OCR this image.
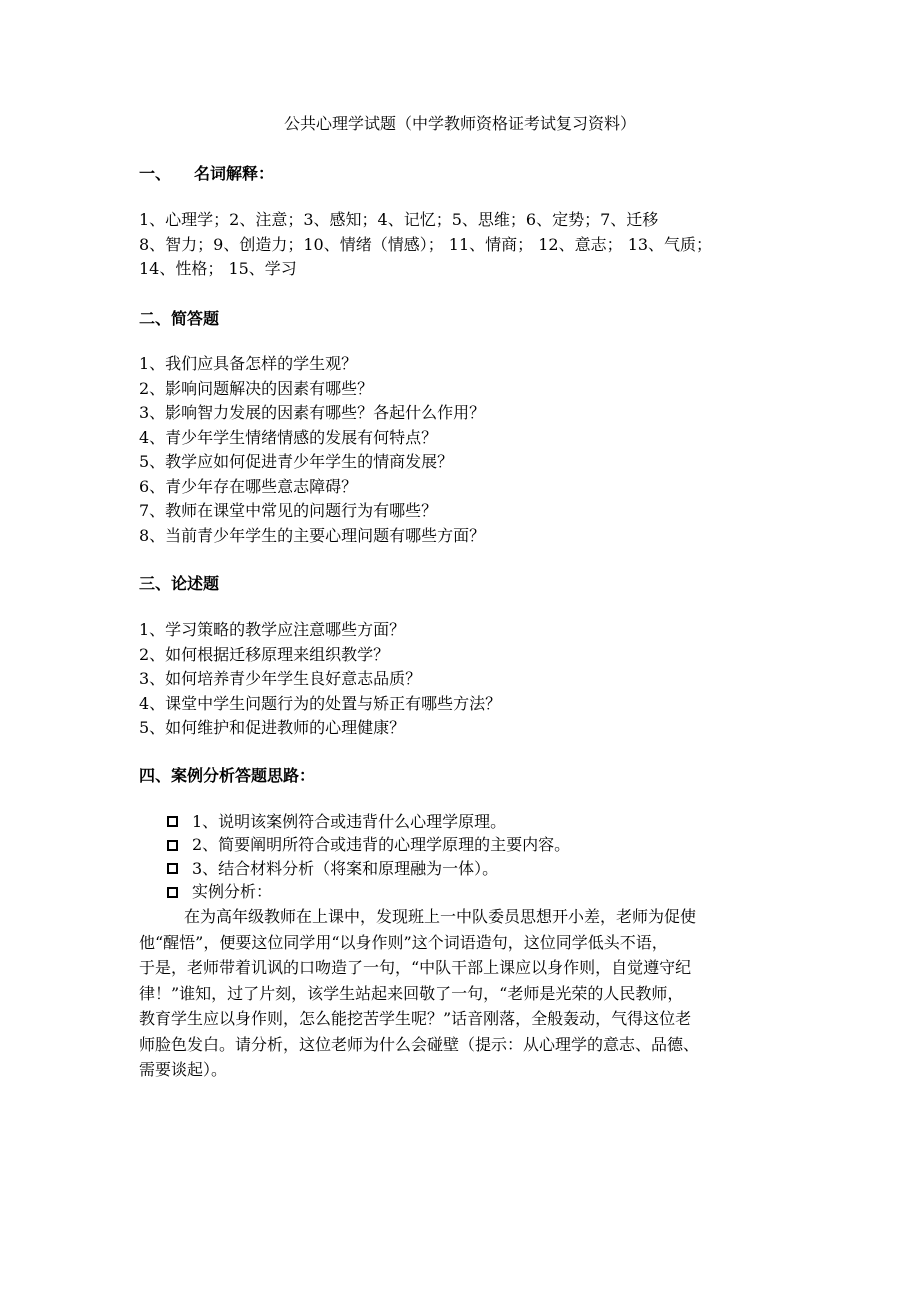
公共心理学试题（中学教师资格证考试复习资料）
一、 名词解释：
1、心理学；2、注意；3、感知；4、记忆；5、思维；6、定势；7、迁移
8、智力；9、创造力；10、情绪（情感）； 11、情商； 12、意志； 13、气质；
14、性格； 15、学习
二、简答题
1、我们应具备怎样的学生观？
2、影响问题解决的因素有哪些？
3、影响智力发展的因素有哪些？各起什么作用？
4、青少年学生情绪情感的发展有何特点？
5、教学应如何促进青少年学生的情商发展？
6、青少年存在哪些意志障碍？
7、教师在课堂中常见的问题行为有哪些？
8、当前青少年学生的主要心理问题有哪些方面？
三、论述题
1、学习策略的教学应注意哪些方面？
2、如何根据迁移原理来组织教学？
3、如何培养青少年学生良好意志品质？
4、课堂中学生问题行为的处置与矫正有哪些方法？
5、如何维护和促进教师的心理健康？
四、案例分析答题思路：
1、说明该案例符合或违背什么心理学原理。
2、简要阐明所符合或违背的心理学原理的主要内容。
3、结合材料分析（将案和原理融为一体）。
实例分析：
在为高年级教师在上课中，发现班上一中队委员思想开小差，老师为促使
他“醒悟”，便要这位同学用“以身作则”这个词语造句，这位同学低头不语，
于是，老师带着讥讽的口吻造了一句，“中队干部上课应以身作则，自觉遵守纪
律！”谁知，过了片刻，该学生站起来回敬了一句，“老师是光荣的人民教师，
教育学生应以身作则，怎么能挖苦学生呢？”话音刚落，全般轰动，气得这位老
师脸色发白。请分析，这位老师为什么会碰壁（提示：从心理学的意志、品德、
需要谈起）。
